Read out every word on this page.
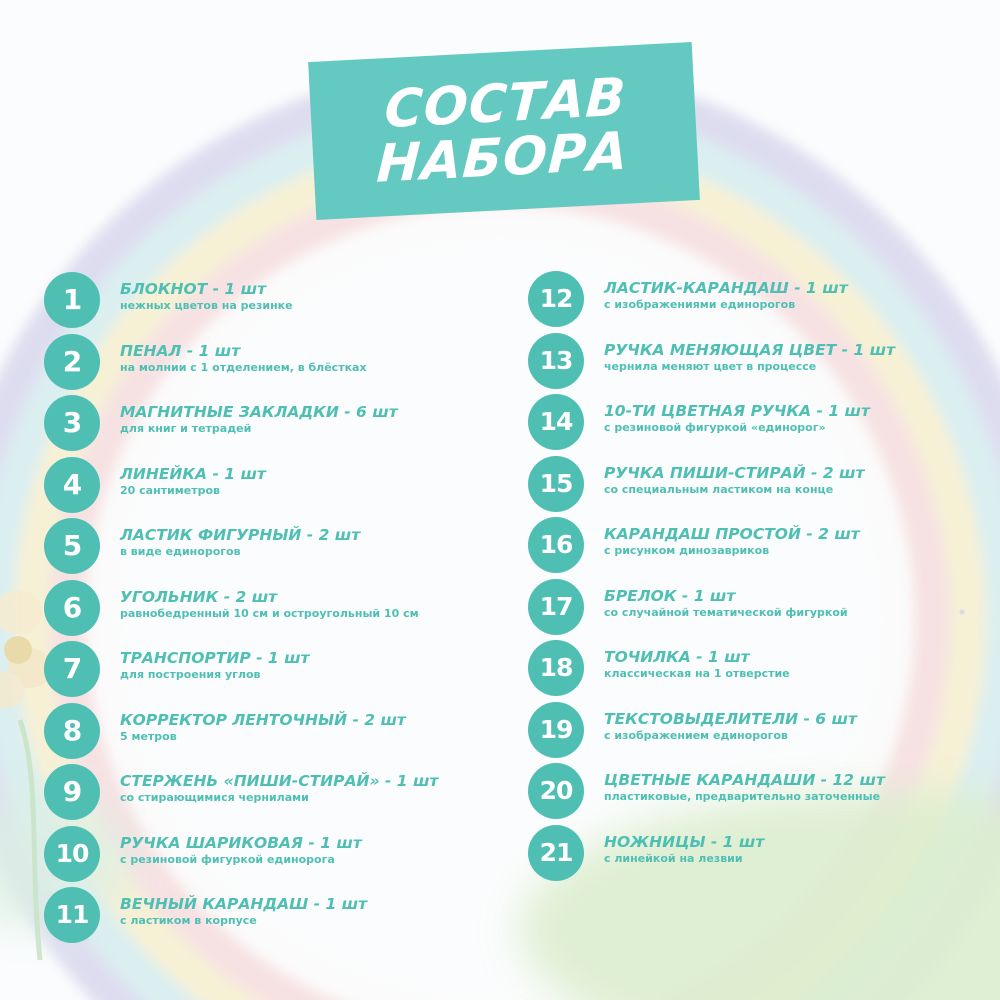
СОСТАВ
НАБОРА
1	БЛОКНОТ - 1 шт
нежных цветов на резинке
2	ПЕНАЛ - 1 шт
на молнии с 1 отделением, в блёстках
3	МАГНИТНЫЕ ЗАКЛАДКИ - 6 шт
для книг и тетрадей
4	ЛИНЕЙКА - 1 шт
20 сантиметров
5	ЛАСТИК ФИГУРНЫЙ - 2 шт
в виде единорогов
6	УГОЛЬНИК - 2 шт
равнобедренный 10 см и остроугольный 10 см
7	ТРАНСПОРТИР - 1 шт
для построения углов
8	КОРРЕКТОР ЛЕНТОЧНЫЙ - 2 шт
5 метров
9	СТЕРЖЕНЬ «ПИШИ-СТИРАЙ» - 1 шт
со стирающимися чернилами
10	РУЧКА ШАРИКОВАЯ - 1 шт
с резиновой фигуркой единорога
11	ВЕЧНЫЙ КАРАНДАШ - 1 шт
с ластиком в корпусе
12	ЛАСТИК-КАРАНДАШ - 1 шт
с изображениями единорогов
13	РУЧКА МЕНЯЮЩАЯ ЦВЕТ - 1 шт
чернила меняют цвет в процессе
14	10-ТИ ЦВЕТНАЯ РУЧКА - 1 шт
с резиновой фигуркой «единорог»
15	РУЧКА ПИШИ-СТИРАЙ - 2 шт
со специальным ластиком на конце
16	КАРАНДАШ ПРОСТОЙ - 2 шт
с рисунком динозавриков
17	БРЕЛОК - 1 шт
со случайной тематической фигуркой
18	ТОЧИЛКА - 1 шт
классическая на 1 отверстие
19	ТЕКСТОВЫДЕЛИТЕЛИ - 6 шт
с изображением единорогов
20	ЦВЕТНЫЕ КАРАНДАШИ - 12 шт
пластиковые, предварительно заточенные
21	НОЖНИЦЫ - 1 шт
с линейкой на лезвии
